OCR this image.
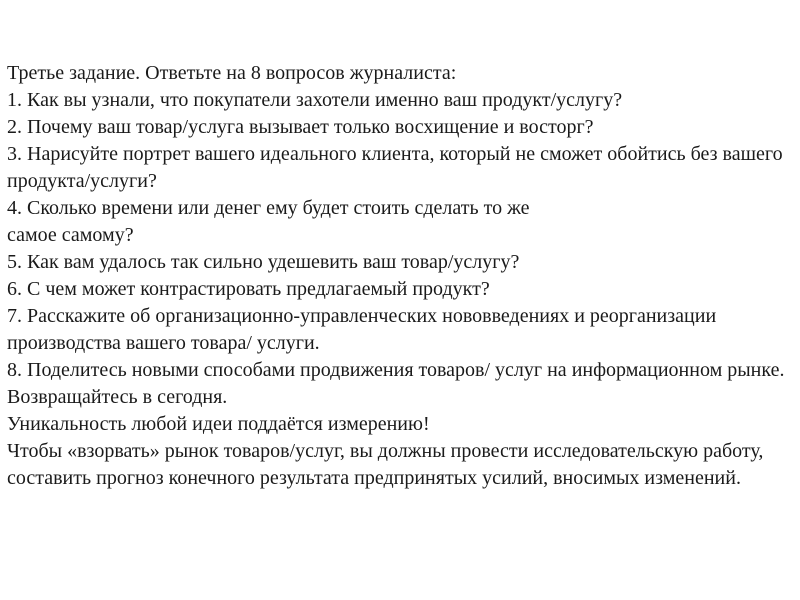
Третье задание. Ответьте на 8 вопросов журналиста:
1. Как вы узнали, что покупатели захотели именно ваш продукт/услугу?
2. Почему ваш товар/услуга вызывает только восхищение и восторг?
3. Нарисуйте портрет вашего идеального клиента, который не сможет обойтись без вашего
продукта/услуги?
4. Сколько времени или денег ему будет стоить сделать то же
самое самому?
5. Как вам удалось так сильно удешевить ваш товар/услугу?
6. С чем может контрастировать предлагаемый продукт?
7. Расскажите об организационно-управленческих нововведениях и реорганизации
производства вашего товара/ услуги.
8. Поделитесь новыми способами продвижения товаров/ услуг на информационном рынке.
Возвращайтесь в сегодня.
Уникальность любой идеи поддаётся измерению!
Чтобы «взорвать» рынок товаров/услуг, вы должны провести исследовательскую работу,
составить прогноз конечного результата предпринятых усилий, вносимых изменений.
